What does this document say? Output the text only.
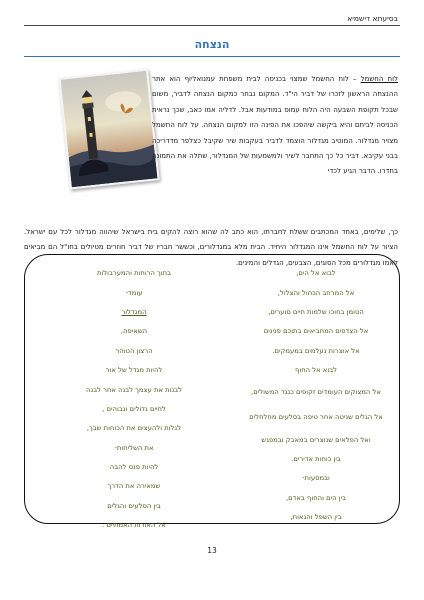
בסיעתא דישמיא
הנצחה

לוח החשמל – לוח החשמל שמצוי בכניסה לבית משפחת עמנואליוף הוא אתר ההנצחה הראשון לזכרו של דביר הי"ד. המקום נבחר כמקום הנצחה לדביר, משום שבכל תקופת השבעה היה הלוח עמוס במודעות אבל. לדליה אמו כאב, שכך נראית הכניסה לביתם והיא ביקשה שיהפכו את הפינה הזו למקום הנצחה. על לוח החשמל מצויר מגדלור. המוטיב מגדלור הוצמד לדביר בעקבות שיר שקיבל כצלפר מדדריכה בבני עקיבא. דביר כל כך התחבר לשיר ולמשמעות של המגדלור, שתלה את התמונה בחדרו. הדבר הגיע לכדי

כך, שלימים, באחד המכתבים ששלח לחברתו, הוא כתב לה שהוא רוצה להקים בית בישראל שיהווה מגדלור לכל עם ישראל. הציור על לוח החשמל אינו המגדלור היחיד. הבית מלא במגדלורים, וכששר חבריו של דביר חוזרים מטיולים בחו"ל הם מביאים לאמו מגדלורים מכל הסוגים, הצבעים, הגדלים והמינים.

לבוא אל הים,
אל המרחב הכחול והצלול,
הטומן בחוכו שלמות חיים סוערים,
אל הצדפים המחביאים בתוכם פנינים
אל אוצרות נעלמים במעמקים.
לבוא אל החוף
אל המצוקים העומדים זקופים כנגד המשולים,
אל הגלים שניטה אחר טיפה בסלעים מחלחלים
ואל הפלאים שנוצרים במאבק ובמפגש
בין כוחות אדירים.
ובמסעות-
בין הים והחוף באדם,
בין השפל והגאות,
בתוך הרוחות והמערבולות
עומד-
המגדלור
השאיפה,
הרצון הטוהר
להיות מגדל של אור
לבנות את עצמך לבנה אחר לבנה
לחיים גדולים וגבוהים ,
לגלות ולהעצים את הכוחות שבך,
את השליחות-
להיות פנס להבה
שמאירה את הדרך
בין הסלעים והגלים
אל האורות האמתיים .
13
